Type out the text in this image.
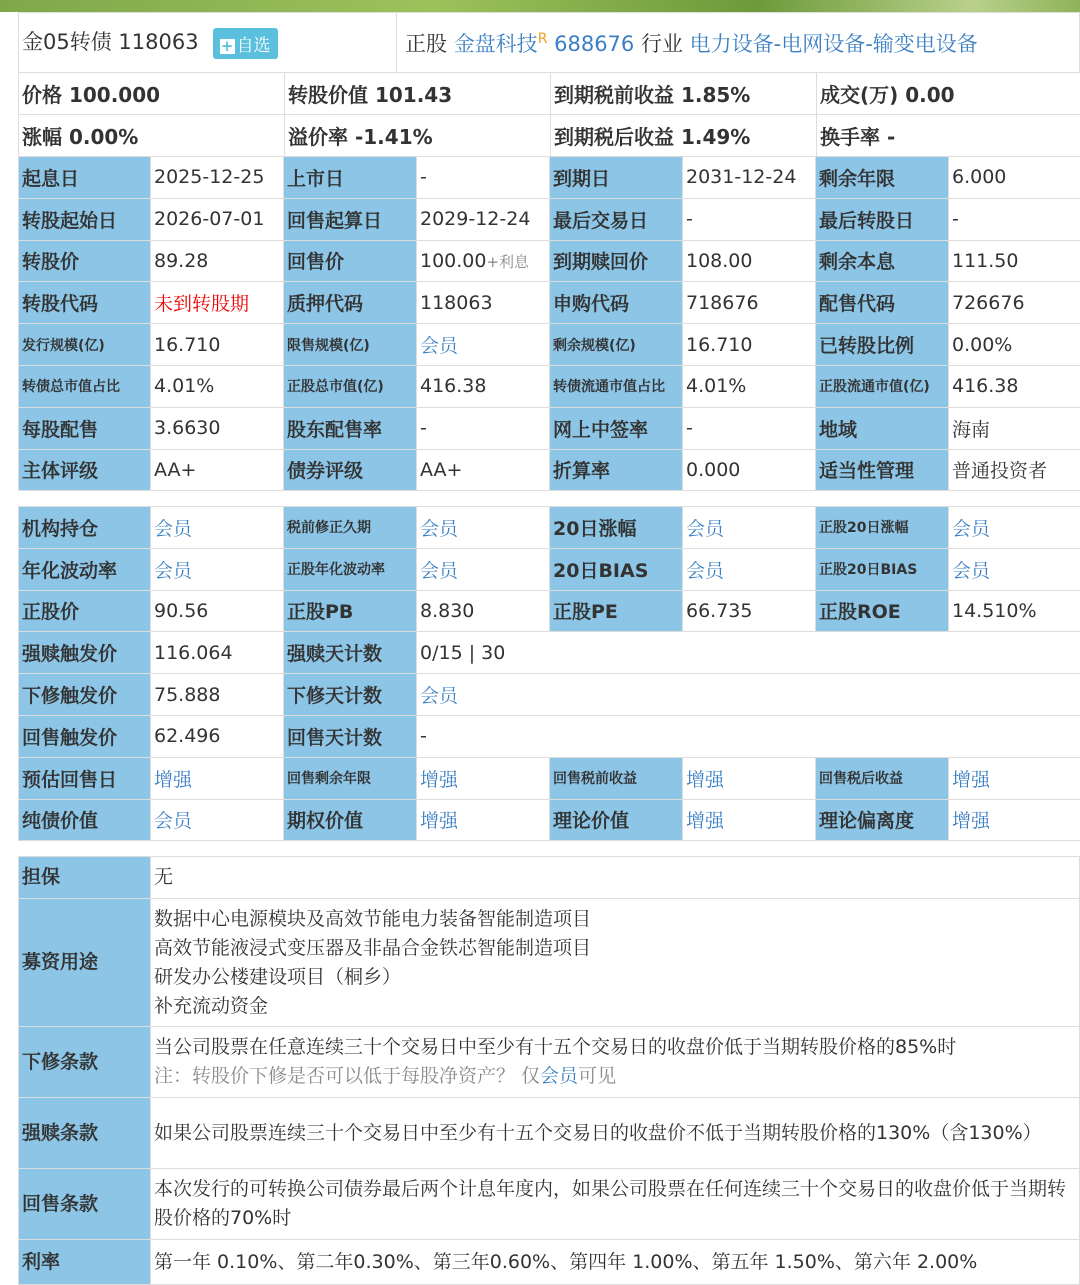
金05转债 118063 + 自选	正股 金盘科技$^R$ 688676 行业 电力设备-电网设备-输变电设备
价格 100.000	转股价值 101.43	到期税前收益 1.85%	成交(万) 0.00
涨幅 0.00%	溢价率 -1.41%	到期税后收益 1.49%	换手率 -
起息日	2025-12-25	上市日	-	到期日	2031-12-24	剩余年限	6.000
转股起始日	2026-07-01	回售起算日	2029-12-24	最后交易日	-	最后转股日	-
转股价	89.28	回售价	100.00+利息	到期赎回价	108.00	剩余本息	111.50
转股代码	未到转股期	质押代码	118063	申购代码	718676	配售代码	726676
发行规模(亿)	16.710	限售规模(亿)	会员	剩余规模(亿)	16.710	已转股比例	0.00%
转债总市值占比	4.01%	正股总市值(亿)	416.38	转债流通市值占比	4.01%	正股流通市值(亿)	416.38
每股配售	3.6630	股东配售率	-	网上中签率	-	地域	海南
主体评级	AA+	债券评级	AA+	折算率	0.000	适当性管理	普通投资者
机构持仓	会员	税前修正久期	会员	20日涨幅	会员	正股20日涨幅	会员
年化波动率	会员	正股年化波动率	会员	20日BIAS	会员	正股20日BIAS	会员
正股价	90.56	正股PB	8.830	正股PE	66.735	正股ROE	14.510%
强赎触发价	116.064	强赎天计数	0/15 | 30				
下修触发价	75.888	下修天计数	会员				
回售触发价	62.496	回售天计数	-				
预估回售日	增强	回售剩余年限	增强	回售税前收益	增强	回售税后收益	增强
纯债价值	会员	期权价值	增强	理论价值	增强	理论偏离度	增强
担保	无

募资用途	数据中心电源模块及高效节能电力装备智能制造项目
高效节能液浸式变压器及非晶合金铁芯智能制造项目
研发办公楼建设项目（桐乡）
补充流动资金

下修条款	当公司股票在任意连续三十个交易日中至少有十五个交易日的收盘价低于当期转股价格的85%时
注：转股价下修是否可以低于每股净资产？ 仅会员可见

强赎条款	如果公司股票连续三十个交易日中至少有十五个交易日的收盘价不低于当期转股价格的130%（含130%）

回售条款	本次发行的可转换公司债券最后两个计息年度内，如果公司股票在任何连续三十个交易日的收盘价低于当期转股价格的70%时

利率	第一年 0.10%、第二年0.30%、第三年0.60%、第四年 1.00%、第五年 1.50%、第六年 2.00%
